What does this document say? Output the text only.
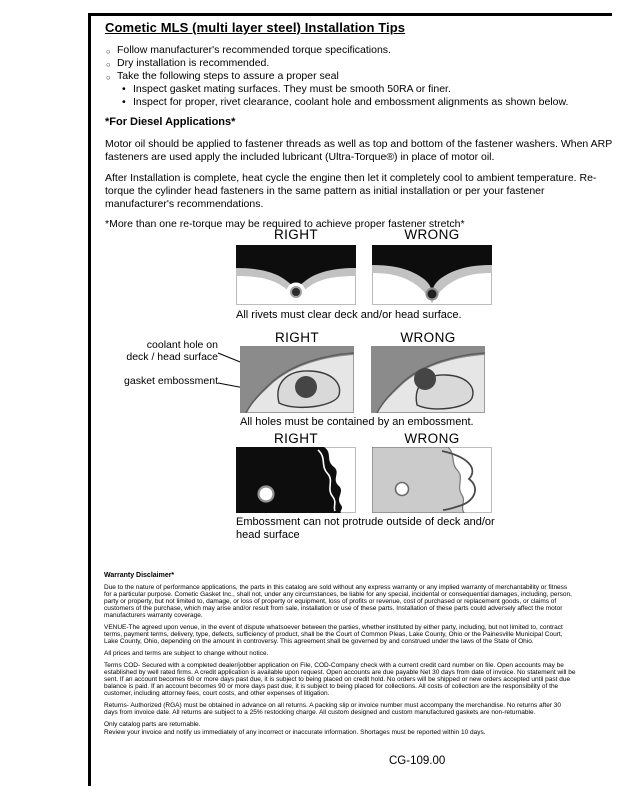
Cometic MLS (multi layer steel) Installation Tips
○ Follow manufacturer's recommended torque specifications.
○ Dry installation is recommended.
○ Take the following steps to assure a proper seal
• Inspect gasket mating surfaces. They must be smooth 50RA or finer.
• Inspect for proper, rivet clearance, coolant hole and embossment alignments as shown below.
*For Diesel Applications*

Motor oil should be applied to fastener threads as well as top and bottom of the fastener washers. When ARP fasteners are used apply the included lubricant (Ultra-Torque®) in place of motor oil.

After Installation is complete, heat cycle the engine then let it completely cool to ambient temperature. Re-torque the cylinder head fasteners in the same pattern as initial installation or per your fastener manufacturer's recommendations.

*More than one re-torque may be required to achieve proper fastener stretch*

RIGHT	WRONG
All rivets must clear deck and/or head surface.
RIGHT	WRONG
coolant hole on
deck / head surface
gasket embossment
All holes must be contained by an embossment.
RIGHT	WRONG
Embossment can not protrude outside of deck and/or head surface
Warranty Disclaimer*

Due to the nature of performance applications, the parts in this catalog are sold without any express warranty or any implied warranty of merchantability or fitness for a particular purpose. Cometic Gasket Inc., shall not, under any circumstances, be liable for any special, incidental or consequential damages, including, person, party or property, but not limited to, damage, or loss of property or equipment, loss of profits or revenue, cost of purchased or replacement goods, or claims of customers of the purchase, which may arise and/or result from sale, installation or use of these parts. Installation of these parts could adversely affect the motor manufacturers warranty coverage.

VENUE-The agreed upon venue, in the event of dispute whatsoever between the parties, whether instituted by either party, including, but not limited to, contract terms, payment terms, delivery, type, defects, sufficiency of product, shall be the Court of Common Pleas, Lake County, Ohio or the Painesville Municipal Court, Lake County, Ohio, depending on the amount in controversy. This agreement shall be governed by and construed under the laws of the State of Ohio.

All prices and terms are subject to change without notice.

Terms COD- Secured with a completed dealer/jobber application on File, COD-Company check with a current credit card number on file. Open accounts may be established by well rated firms. A credit application is available upon request. Open accounts are due payable Net 30 days from date of invoice. No statement will be sent. If an account becomes 60 or more days past due, it is subject to being placed on credit hold. No orders will be shipped or new orders accepted until past due balance is paid. If an account becomes 90 or more days past due, it is subject to being placed for collections. All costs of collection are the responsibility of the customer, including attorney fees, court costs, and other expenses of litigation.

Returns- Authorized (RGA) must be obtained in advance on all returns. A packing slip or invoice number must accompany the merchandise. No returns after 30 days from invoice date. All returns are subject to a 25% restocking charge. All custom designed and custom manufactured gaskets are non-returnable.

Only catalog parts are returnable.

Review your invoice and notify us immediately of any incorrect or inaccurate information. Shortages must be reported within 10 days.

CG-109.00
